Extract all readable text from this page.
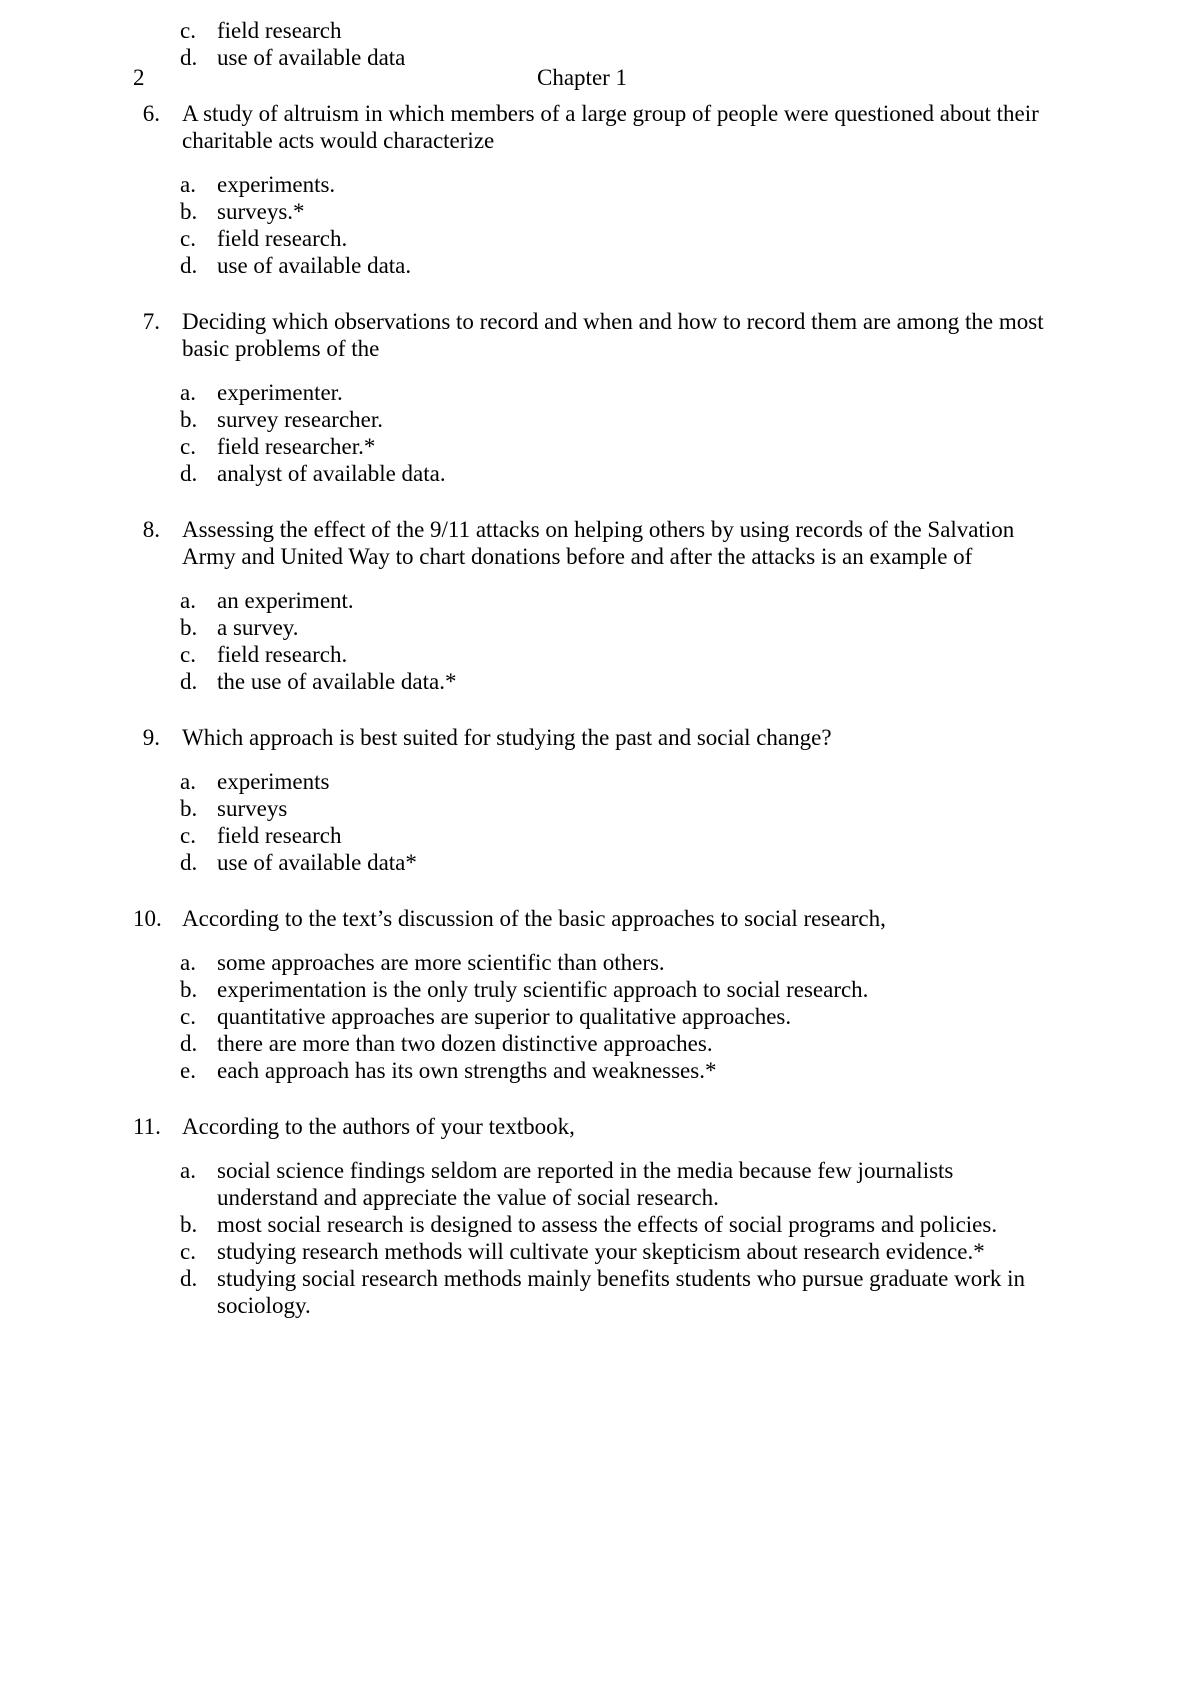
2	Chapter 1
c. field research
d. use of available data
6. A study of altruism in which members of a large group of people were questioned about their charitable acts would characterize
a. experiments.
b. surveys.*
c. field research.
d. use of available data.
7. Deciding which observations to record and when and how to record them are among the most basic problems of the
a. experimenter.
b. survey researcher.
c. field researcher.*
d. analyst of available data.
8. Assessing the effect of the 9/11 attacks on helping others by using records of the Salvation Army and United Way to chart donations before and after the attacks is an example of
a. an experiment.
b. a survey.
c. field research.
d. the use of available data.*
9. Which approach is best suited for studying the past and social change?
a. experiments
b. surveys
c. field research
d. use of available data*
10. According to the text’s discussion of the basic approaches to social research,
a. some approaches are more scientific than others.
b. experimentation is the only truly scientific approach to social research.
c. quantitative approaches are superior to qualitative approaches.
d. there are more than two dozen distinctive approaches.
e. each approach has its own strengths and weaknesses.*
11. According to the authors of your textbook,
a. social science findings seldom are reported in the media because few journalists understand and appreciate the value of social research.
b. most social research is designed to assess the effects of social programs and policies.
c. studying research methods will cultivate your skepticism about research evidence.*
d. studying social research methods mainly benefits students who pursue graduate work in sociology.
